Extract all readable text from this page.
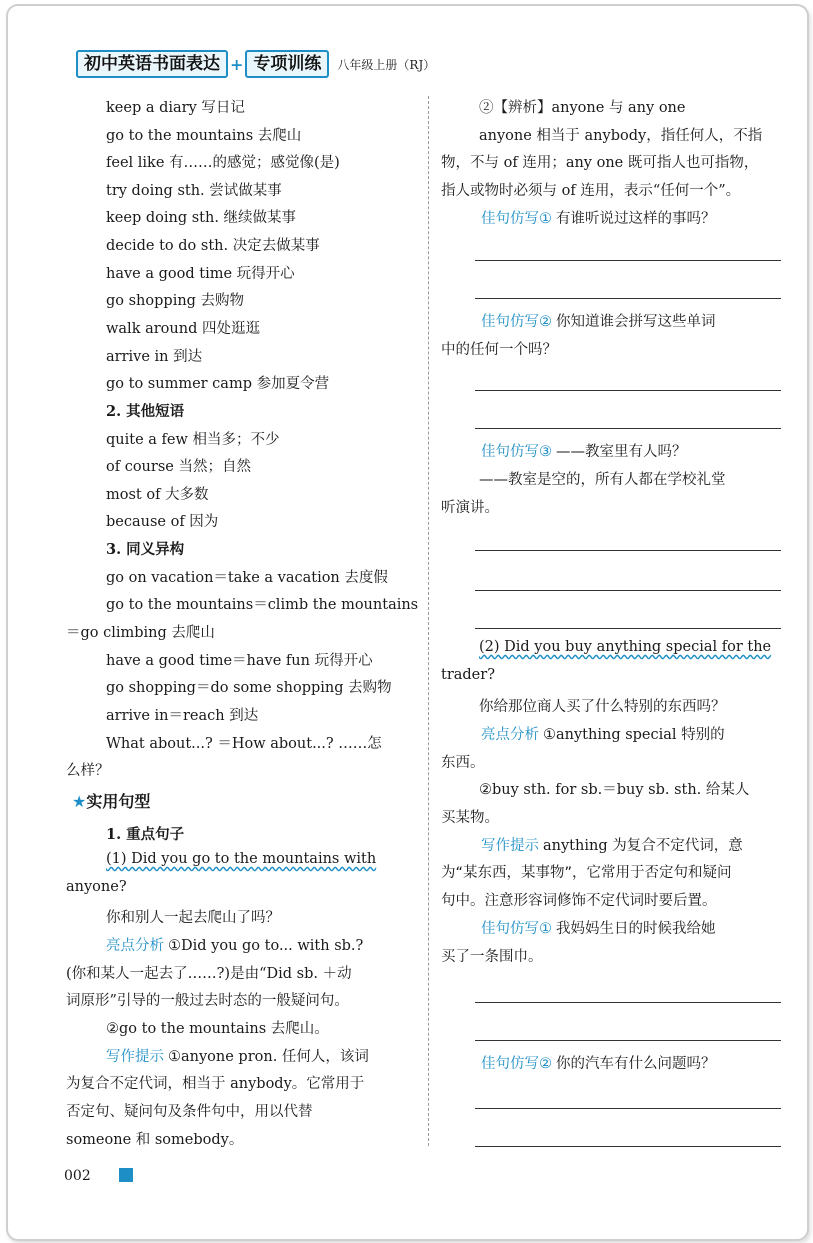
初中英语书面表达 + 专项训练	八年级上册（RJ）
keep a diary 写日记
go to the mountains 去爬山
feel like 有……的感觉；感觉像(是)
try doing sth. 尝试做某事
keep doing sth. 继续做某事
decide to do sth. 决定去做某事
have a good time 玩得开心
go shopping 去购物
walk around 四处逛逛
arrive in 到达
go to summer camp 参加夏令营
2. 其他短语
quite a few 相当多；不少
of course 当然；自然
most of 大多数
because of 因为
3. 同义异构
go on vacation＝take a vacation 去度假
go to the mountains＝climb the mountains
＝go climbing 去爬山
have a good time＝have fun 玩得开心
go shopping＝do some shopping 去购物
arrive in＝reach 到达
What about...? ＝How about...? ……怎
么样？
★实用句型
1. 重点句子
(1) Did you go to the mountains with
anyone?
你和别人一起去爬山了吗？
亮点分析 ①Did you go to... with sb.?
(你和某人一起去了……?)是由“Did sb. ＋动
词原形”引导的一般过去时态的一般疑问句。
②go to the mountains 去爬山。
写作提示 ①anyone pron. 任何人，该词
为复合不定代词，相当于 anybody。它常用于
否定句、疑问句及条件句中，用以代替
someone 和 somebody。
②【辨析】anyone 与 any one
anyone 相当于 anybody，指任何人，不指
物，不与 of 连用；any one 既可指人也可指物，
指人或物时必须与 of 连用，表示“任何一个”。
佳句仿写① 有谁听说过这样的事吗？
佳句仿写② 你知道谁会拼写这些单词
中的任何一个吗？
佳句仿写③ ——教室里有人吗？
——教室是空的，所有人都在学校礼堂
听演讲。
(2) Did you buy anything special for the
trader?
你给那位商人买了什么特别的东西吗？
亮点分析 ①anything special 特别的
东西。
②buy sth. for sb.＝buy sb. sth. 给某人
买某物。
写作提示 anything 为复合不定代词，意
为“某东西，某事物”，它常用于否定句和疑问
句中。注意形容词修饰不定代词时要后置。
佳句仿写① 我妈妈生日的时候我给她
买了一条围巾。
佳句仿写② 你的汽车有什么问题吗？
002
